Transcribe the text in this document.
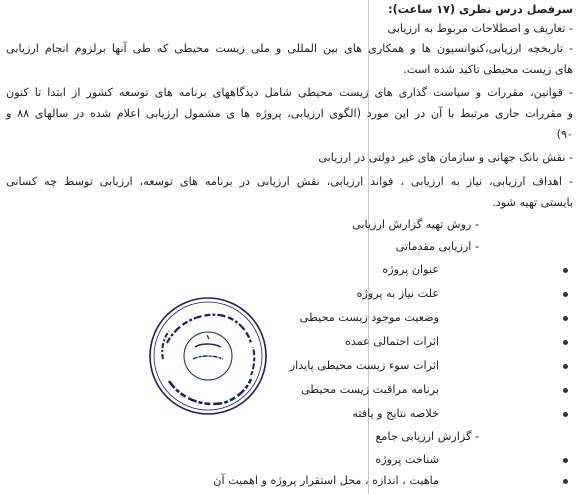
سرفصل درس نظری (۱۷ ساعت):
- تعاریف و اصطلاحات مربوط به ارزیابی
- تاریخچه ارزیابی،کنوانسیون ها و همکاری های بین المللی و ملی زیست محیطی که طی آنها برلزوم انجام ارزیابی
های زیست محیطی تاکید شده است.
- قوانین، مقررات و سیاست گذاری های زیست محیطی شامل دیدگاههای برنامه های توسعه کشور از ابتدا تا کنون
و مقررات جاری مرتبط با آن در این مورد (الگوی ارزیابی، پروژه ها ی مشمول ارزیابی اعلام شده در سالهای ۸۸ و
۹۰)
- نقش بانک جهانی و سازمان های غیر دولتی در ارزیابی
- اهداف ارزیابی، نیاز به ارزیابی ، فواند ارزیابی، نقش ارزیابی در برنامه های توسعه، ارزیابی توسط چه کسانی
بایستی تهیه شود.
- روش تهیه گزارش ارزیابی
- ارزیابی مقدماتی
عنوان پروژه
علت نیاز به پروژه
وضعیت موجود زیست محیطی
اثرات احتمالی عمده
اثرات سوء زیست محیطی پایدار
برنامه مراقبت زیست محیطی
خلاصه نتایج و یافته
- گزارش ارزیابی جامع
شناخت پروژه
ماهیت ، اندازه ، محل استقرار پروژه و اهمیت آن
